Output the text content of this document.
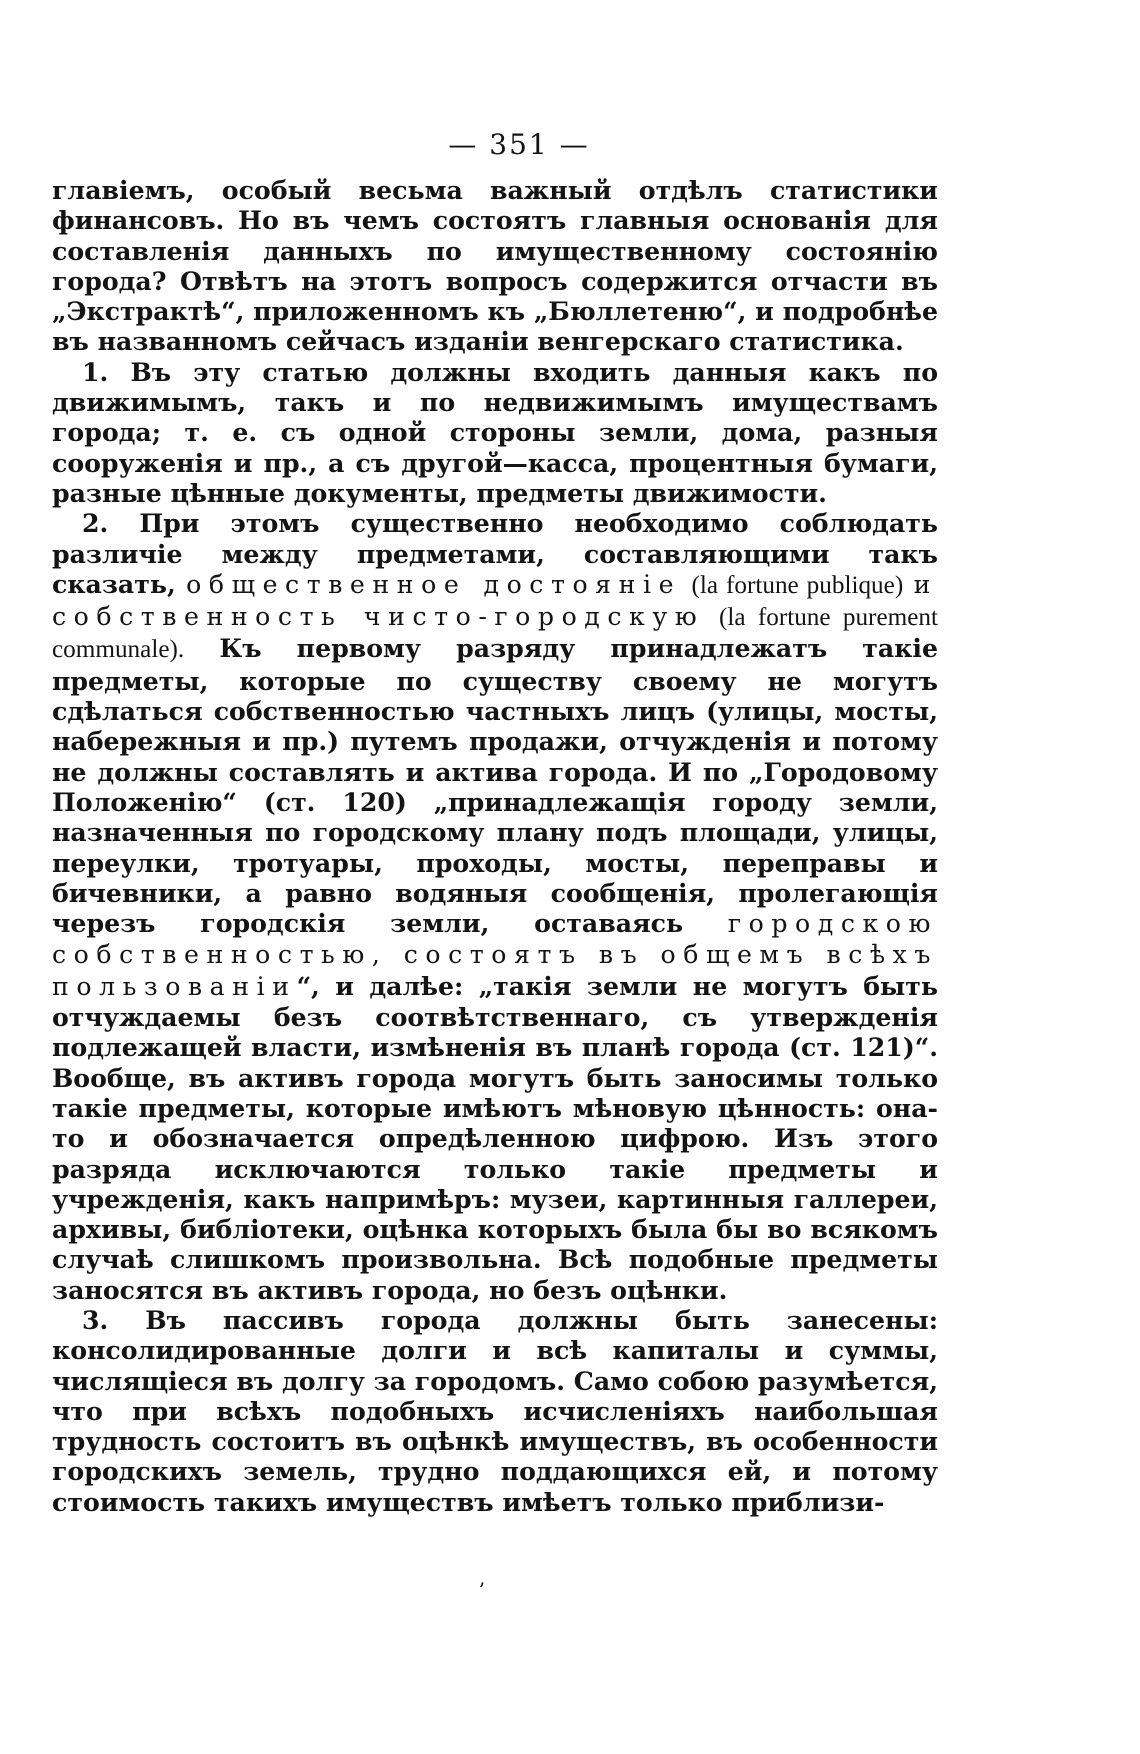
— 351 —

главіемъ, особый весьма важный отдѣлъ статистики финансовъ. Но въ чемъ состоятъ главныя основанія для составленія данныхъ по имущественному состоянію города? Отвѣтъ на этотъ вопросъ содержится отчасти въ „Экстрактѣ“, приложенномъ къ „Бюллетеню“, и подробнѣе въ названномъ сейчасъ изданіи венгерскаго статистика.

1. Въ эту статью должны входить данныя какъ по движимымъ, такъ и по недвижимымъ имуществамъ города; т. е. съ одной стороны земли, дома, разныя сооруженія и пр., а съ другой—касса, процентныя бумаги, разные цѣнные документы, предметы движимости.

2. При этомъ существенно необходимо соблюдать различіе между предметами, составляющими такъ сказать, общественное достояніе (la fortune publique) и собственность чисто-городскую (la fortune purement communale). Къ первому разряду принадлежатъ такіе предметы, которые по существу своему не могутъ сдѣлаться собственностью частныхъ лицъ (улицы, мосты, набережныя и пр.) путемъ продажи, отчужденія и потому не должны составлять и актива города. И по „Городовому Положенію“ (ст. 120) „принадлежащія городу земли, назначенныя по городскому плану подъ площади, улицы, переулки, тротуары, проходы, мосты, переправы и бичевники, а равно водяныя сообщенія, пролегающія черезъ городскія земли, оставаясь городскою собственностью, состоятъ въ общемъ всѣхъ пользованіи“, и далѣе: „такія земли не могутъ быть отчуждаемы безъ соотвѣтственнаго, съ утвержденія подлежащей власти, измѣненія въ планѣ города (ст. 121)“. Вообще, въ активъ города могутъ быть заносимы только такіе предметы, которые имѣютъ мѣновую цѣнность: она-то и обозначается опредѣленною цифрою. Изъ этого разряда исключаются только такіе предметы и учрежденія, какъ напримѣръ: музеи, картинныя галлереи, архивы, библіотеки, оцѣнка которыхъ была бы во всякомъ случаѣ слишкомъ произвольна. Всѣ подобные предметы заносятся въ активъ города, но безъ оцѣнки.

3. Въ пассивъ города должны быть занесены: консолидированные долги и всѣ капиталы и суммы, числящіеся въ долгу за городомъ. Само собою разумѣется, что при всѣхъ подобныхъ исчисленіяхъ наибольшая трудность состоитъ въ оцѣнкѣ имуществъ, въ особенности городскихъ земель, трудно поддающихся ей, и потому стоимость такихъ имуществъ имѣетъ только приблизи-

ʼ
